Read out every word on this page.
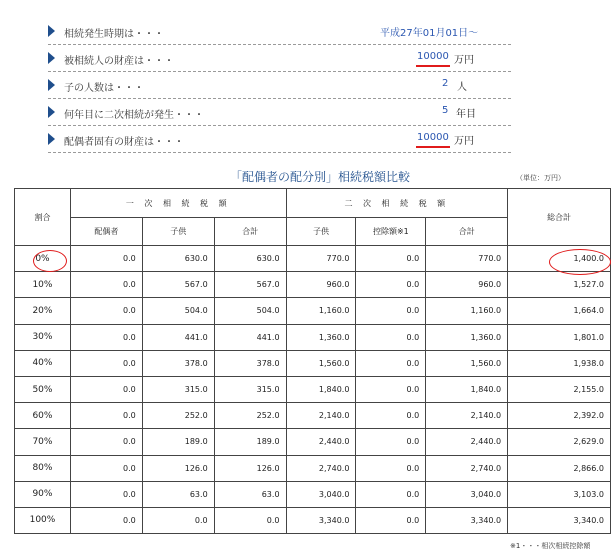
相続発生時期は・・・	平成27年01月01日～
被相続人の財産は・・・	10000 万円
子の人数は・・・	2 人
何年目に二次相続が発生・・・	5 年目
配偶者固有の財産は・・・	10000 万円
「配偶者の配分別」相続税額比較	（単位：万円）
割合	一 次 相 続 税 額			二 次 相 続 税 額			総合計
	配偶者	子供	合計	子供	控除額※1	合計	
0%	0.0	630.0	630.0	770.0	0.0	770.0	1,400.0
10%	0.0	567.0	567.0	960.0	0.0	960.0	1,527.0
20%	0.0	504.0	504.0	1,160.0	0.0	1,160.0	1,664.0
30%	0.0	441.0	441.0	1,360.0	0.0	1,360.0	1,801.0
40%	0.0	378.0	378.0	1,560.0	0.0	1,560.0	1,938.0
50%	0.0	315.0	315.0	1,840.0	0.0	1,840.0	2,155.0
60%	0.0	252.0	252.0	2,140.0	0.0	2,140.0	2,392.0
70%	0.0	189.0	189.0	2,440.0	0.0	2,440.0	2,629.0
80%	0.0	126.0	126.0	2,740.0	0.0	2,740.0	2,866.0
90%	0.0	63.0	63.0	3,040.0	0.0	3,040.0	3,103.0
100%	0.0	0.0	0.0	3,340.0	0.0	3,340.0	3,340.0
※1・・・相次相続控除額
